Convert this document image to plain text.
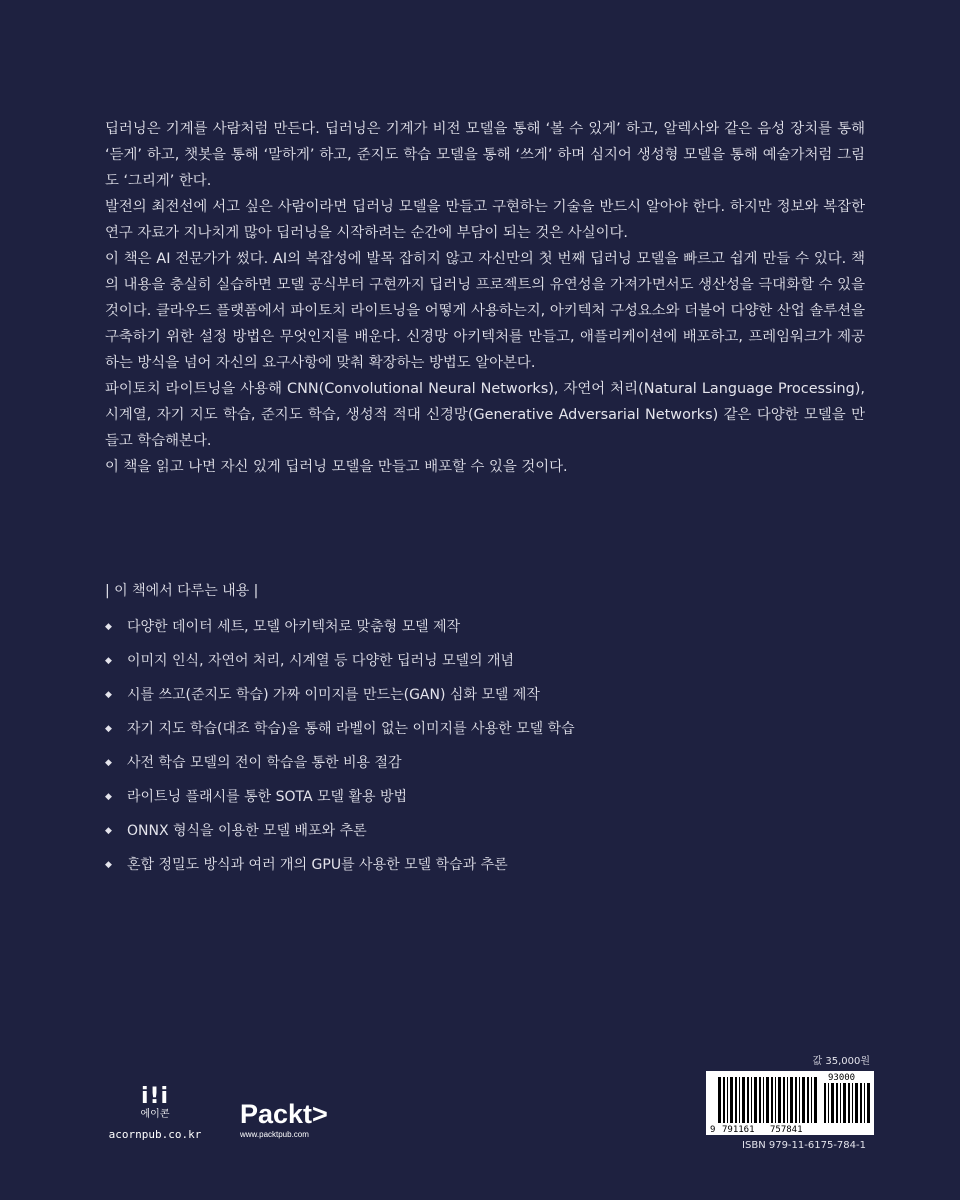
딥러닝은 기계를 사람처럼 만든다. 딥러닝은 기계가 비전 모델을 통해 ‘볼 수 있게’ 하고, 알렉사와 같은 음성 장치를 통해 ‘듣게’ 하고, 챗봇을 통해 ‘말하게’ 하고, 준지도 학습 모델을 통해 ‘쓰게’ 하며 심지어 생성형 모델을 통해 예술가처럼 그림도 ‘그리게’ 한다.

발전의 최전선에 서고 싶은 사람이라면 딥러닝 모델을 만들고 구현하는 기술을 반드시 알아야 한다. 하지만 정보와 복잡한 연구 자료가 지나치게 많아 딥러닝을 시작하려는 순간에 부담이 되는 것은 사실이다.

이 책은 AI 전문가가 썼다. AI의 복잡성에 발목 잡히지 않고 자신만의 첫 번째 딥러닝 모델을 빠르고 쉽게 만들 수 있다. 책의 내용을 충실히 실습하면 모델 공식부터 구현까지 딥러닝 프로젝트의 유연성을 가져가면서도 생산성을 극대화할 수 있을 것이다. 클라우드 플랫폼에서 파이토치 라이트닝을 어떻게 사용하는지, 아키텍처 구성요소와 더불어 다양한 산업 솔루션을 구축하기 위한 설정 방법은 무엇인지를 배운다. 신경망 아키텍처를 만들고, 애플리케이션에 배포하고, 프레임워크가 제공하는 방식을 넘어 자신의 요구사항에 맞춰 확장하는 방법도 알아본다.

파이토치 라이트닝을 사용해 CNN(Convolutional Neural Networks), 자연어 처리(Natural Language Processing), 시계열, 자기 지도 학습, 준지도 학습, 생성적 적대 신경망(Generative Adversarial Networks) 같은 다양한 모델을 만들고 학습해본다.

이 책을 읽고 나면 자신 있게 딥러닝 모델을 만들고 배포할 수 있을 것이다.

| 이 책에서 다루는 내용 |

◆	다양한 데이터 세트, 모델 아키텍처로 맞춤형 모델 제작
◆	이미지 인식, 자연어 처리, 시계열 등 다양한 딥러닝 모델의 개념
◆	시를 쓰고(준지도 학습) 가짜 이미지를 만드는(GAN) 심화 모델 제작
◆	자기 지도 학습(대조 학습)을 통해 라벨이 없는 이미지를 사용한 모델 학습
◆	사전 학습 모델의 전이 학습을 통한 비용 절감
◆	라이트닝 플래시를 통한 SOTA 모델 활용 방법
◆	ONNX 형식을 이용한 모델 배포와 추론
◆	혼합 정밀도 방식과 여러 개의 GPU를 사용한 모델 학습과 추론
i!i
에이콘
acornpub.co.kr
Packt>
www.packtpub.com
값 35,000원
9 791161 757841
93000
ISBN 979-11-6175-784-1
